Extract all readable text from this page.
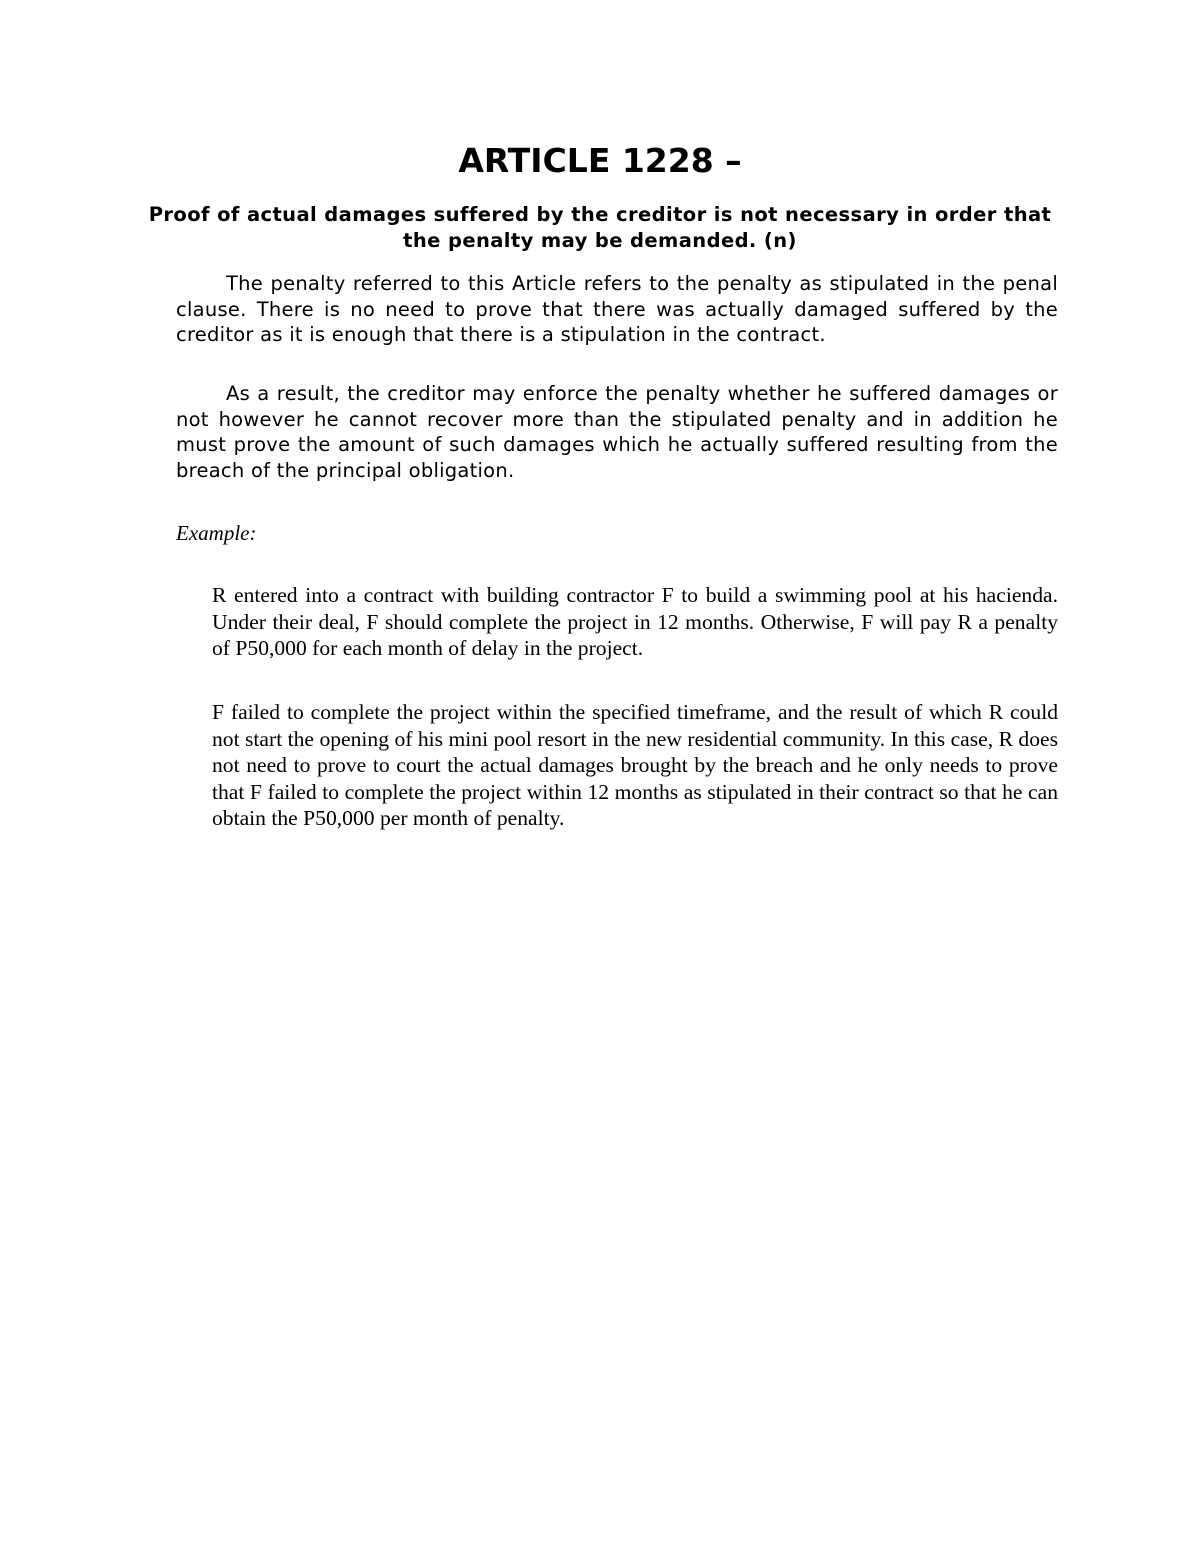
ARTICLE 1228 –

Proof of actual damages suffered by the creditor is not necessary in order that the penalty may be demanded. (n)

The penalty referred to this Article refers to the penalty as stipulated in the penal clause. There is no need to prove that there was actually damaged suffered by the creditor as it is enough that there is a stipulation in the contract.

As a result, the creditor may enforce the penalty whether he suffered damages or not however he cannot recover more than the stipulated penalty and in addition he must prove the amount of such damages which he actually suffered resulting from the breach of the principal obligation.

Example:

R entered into a contract with building contractor F to build a swimming pool at his hacienda. Under their deal, F should complete the project in 12 months. Otherwise, F will pay R a penalty of P50,000 for each month of delay in the project.

F failed to complete the project within the specified timeframe, and the result of which R could not start the opening of his mini pool resort in the new residential community. In this case, R does not need to prove to court the actual damages brought by the breach and he only needs to prove that F failed to complete the project within 12 months as stipulated in their contract so that he can obtain the P50,000 per month of penalty.
